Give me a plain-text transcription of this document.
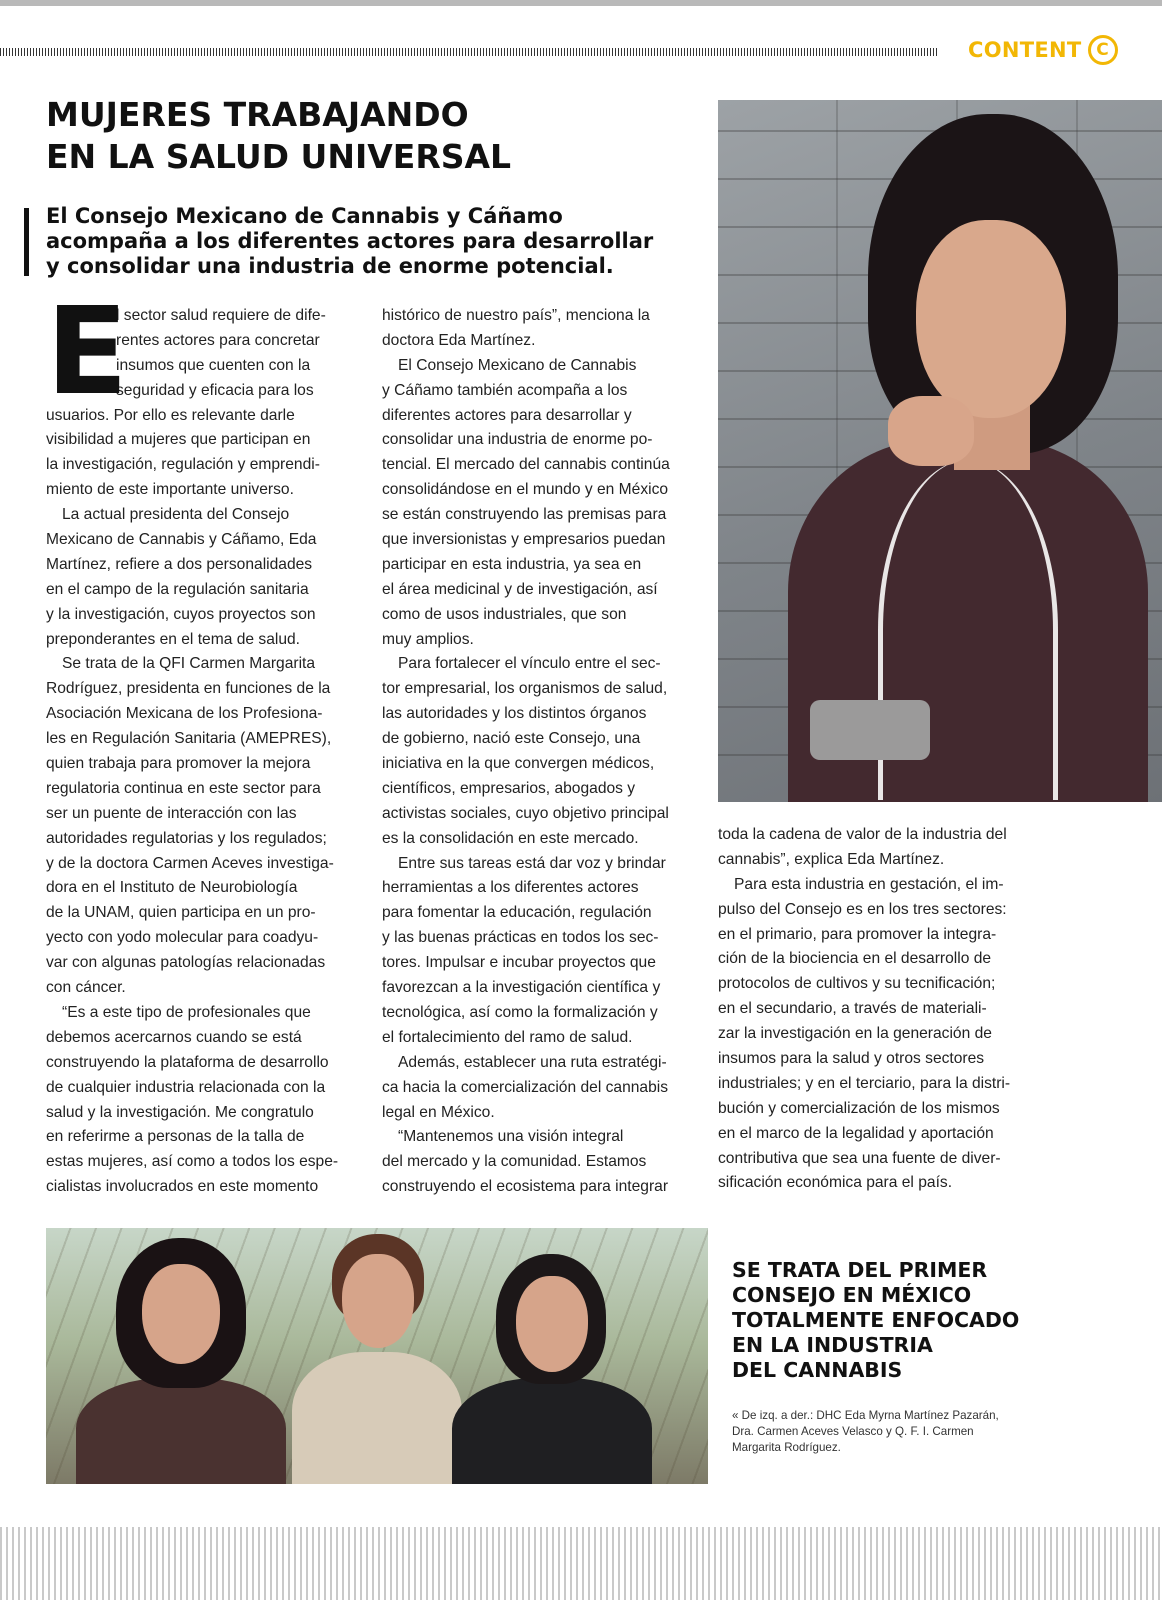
CONTENT C
MUJERES TRABAJANDO
EN LA SALUD UNIVERSAL
El Consejo Mexicano de Cannabis y Cáñamo
acompaña a los diferentes actores para desarrollar
y consolidar una industria de enorme potencial.
E
l sector salud requiere de dife-
rentes actores para concretar
insumos que cuenten con la
seguridad y eficacia para los
usuarios. Por ello es relevante darle
visibilidad a mujeres que participan en
la investigación, regulación y emprendi-
miento de este importante universo.
La actual presidenta del Consejo
Mexicano de Cannabis y Cáñamo, Eda
Martínez, refiere a dos personalidades
en el campo de la regulación sanitaria
y la investigación, cuyos proyectos son
preponderantes en el tema de salud.
Se trata de la QFI Carmen Margarita
Rodríguez, presidenta en funciones de la
Asociación Mexicana de los Profesiona-
les en Regulación Sanitaria (AMEPRES),
quien trabaja para promover la mejora
regulatoria continua en este sector para
ser un puente de interacción con las
autoridades regulatorias y los regulados;
y de la doctora Carmen Aceves investiga-
dora en el Instituto de Neurobiología
de la UNAM, quien participa en un pro-
yecto con yodo molecular para coadyu-
var con algunas patologías relacionadas
con cáncer.
“Es a este tipo de profesionales que
debemos acercarnos cuando se está
construyendo la plataforma de desarrollo
de cualquier industria relacionada con la
salud y la investigación. Me congratulo
en referirme a personas de la talla de
estas mujeres, así como a todos los espe-
cialistas involucrados en este momento
histórico de nuestro país”, menciona la
doctora Eda Martínez.
El Consejo Mexicano de Cannabis
y Cáñamo también acompaña a los
diferentes actores para desarrollar y
consolidar una industria de enorme po-
tencial. El mercado del cannabis continúa
consolidándose en el mundo y en México
se están construyendo las premisas para
que inversionistas y empresarios puedan
participar en esta industria, ya sea en
el área medicinal y de investigación, así
como de usos industriales, que son
muy amplios.
Para fortalecer el vínculo entre el sec-
tor empresarial, los organismos de salud,
las autoridades y los distintos órganos
de gobierno, nació este Consejo, una
iniciativa en la que convergen médicos,
científicos, empresarios, abogados y
activistas sociales, cuyo objetivo principal
es la consolidación en este mercado.
Entre sus tareas está dar voz y brindar
herramientas a los diferentes actores
para fomentar la educación, regulación
y las buenas prácticas en todos los sec-
tores. Impulsar e incubar proyectos que
favorezcan a la investigación científica y
tecnológica, así como la formalización y
el fortalecimiento del ramo de salud.
Además, establecer una ruta estratégi-
ca hacia la comercialización del cannabis
legal en México.
“Mantenemos una visión integral
del mercado y la comunidad. Estamos
construyendo el ecosistema para integrar
toda la cadena de valor de la industria del
cannabis”, explica Eda Martínez.
Para esta industria en gestación, el im-
pulso del Consejo es en los tres sectores:
en el primario, para promover la integra-
ción de la biociencia en el desarrollo de
protocolos de cultivos y su tecnificación;
en el secundario, a través de materiali-
zar la investigación en la generación de
insumos para la salud y otros sectores
industriales; y en el terciario, para la distri-
bución y comercialización de los mismos
en el marco de la legalidad y aportación
contributiva que sea una fuente de diver-
sificación económica para el país.
SE TRATA DEL PRIMER
CONSEJO EN MÉXICO
TOTALMENTE ENFOCADO
EN LA INDUSTRIA
DEL CANNABIS
« De izq. a der.: DHC Eda Myrna Martínez Pazarán,
Dra. Carmen Aceves Velasco y Q. F. I. Carmen
Margarita Rodríguez.
